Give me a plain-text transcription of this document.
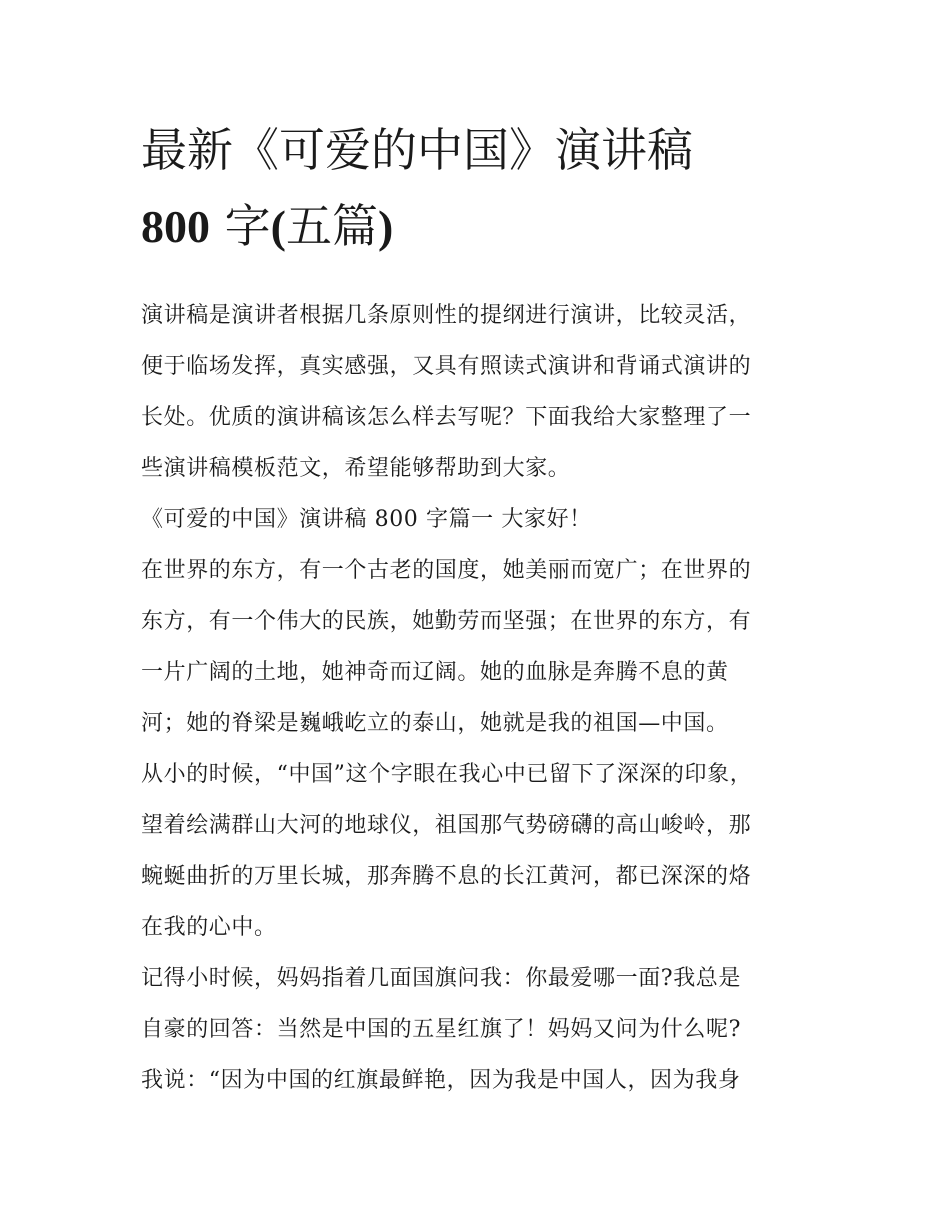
最新《可爱的中国》演讲稿
800 字(五篇)
演讲稿是演讲者根据几条原则性的提纲进行演讲，比较灵活，
便于临场发挥，真实感强，又具有照读式演讲和背诵式演讲的
长处。优质的演讲稿该怎么样去写呢？下面我给大家整理了一
些演讲稿模板范文，希望能够帮助到大家。
《可爱的中国》演讲稿 800 字篇一 大家好！
在世界的东方，有一个古老的国度，她美丽而宽广；在世界的
东方，有一个伟大的民族，她勤劳而坚强；在世界的东方，有
一片广阔的土地，她神奇而辽阔。她的血脉是奔腾不息的黄
河；她的脊梁是巍峨屹立的泰山，她就是我的祖国—中国。
从小的时候，“中国”这个字眼在我心中已留下了深深的印象，
望着绘满群山大河的地球仪，祖国那气势磅礴的高山峻岭，那
蜿蜒曲折的万里长城，那奔腾不息的长江黄河，都已深深的烙
在我的心中。
记得小时候，妈妈指着几面国旗问我：你最爱哪一面?我总是
自豪的回答：当然是中国的五星红旗了！妈妈又问为什么呢?
我说：“因为中国的红旗最鲜艳，因为我是中国人，因为我身
